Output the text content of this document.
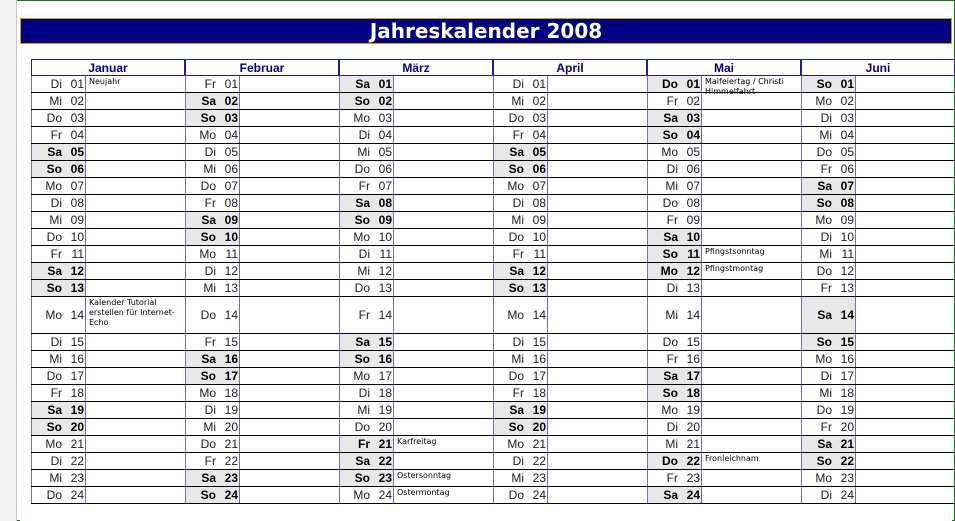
Jahreskalender 2008
Januar
Di 01 Neujahr
Mi 02
Do 03
Fr 04
Sa 05
So 06
Mo 07
Di 08
Mi 09
Do 10
Fr 11
Sa 12
So 13
Mo 14
Kalender Tutorial erstellen für Internet-Echo
Di 15
Mi 16
Do 17
Fr 18
Sa 19
So 20
Mo 21
Di 22
Mi 23
Do 24
Februar
Fr 01
Sa 02
So 03
Mo 04
Di 05
Mi 06
Do 07
Fr 08
Sa 09
So 10
Mo 11
Di 12
Mi 13
Do 14
Fr 15
Sa 16
So 17
Mo 18
Di 19
Mi 20
Do 21
Fr 22
Sa 23
So 24
März
Sa 01
So 02
Mo 03
Di 04
Mi 05
Do 06
Fr 07
Sa 08
So 09
Mo 10
Di 11
Mi 12
Do 13
Fr 14
Sa 15
So 16
Mo 17
Di 18
Mi 19
Do 20
Fr 21 Karfreitag
Sa 22
So 23 Ostersonntag
Mo 24 Ostermontag
April
Di 01
Mi 02
Do 03
Fr 04
Sa 05
So 06
Mo 07
Di 08
Mi 09
Do 10
Fr 11
Sa 12
So 13
Mo 14
Di 15
Mi 16
Do 17
Fr 18
Sa 19
So 20
Mo 21
Di 22
Mi 23
Do 24
Mai
Do 01 Maifeiertag / Christi Himmelfahrt
Fr 02
Sa 03
So 04
Mo 05
Di 06
Mi 07
Do 08
Fr 09
Sa 10
So 11 Pfingstsonntag
Mo 12 Pfingstmontag
Di 13
Mi 14
Do 15
Fr 16
Sa 17
So 18
Mo 19
Di 20
Mi 21
Do 22 Fronleichnam
Fr 23
Sa 24
Juni
So 01
Mo 02
Di 03
Mi 04
Do 05
Fr 06
Sa 07
So 08
Mo 09
Di 10
Mi 11
Do 12
Fr 13
Sa 14
So 15
Mo 16
Di 17
Mi 18
Do 19
Fr 20
Sa 21
So 22
Mo 23
Di 24
